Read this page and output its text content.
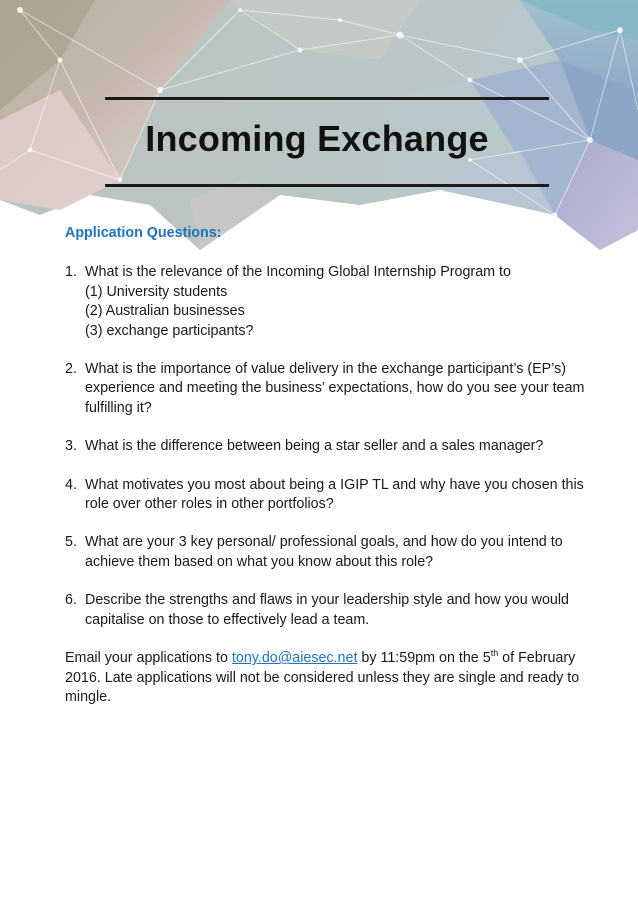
Incoming Exchange

Application Questions:

1. What is the relevance of the Incoming Global Internship Program to
(1) University students
(2) Australian businesses
(3) exchange participants?
2. What is the importance of value delivery in the exchange participant’s (EP’s) experience and meeting the business’ expectations, how do you see your team fulfilling it?
3. What is the difference between being a star seller and a sales manager?
4. What motivates you most about being a IGIP TL and why have you chosen this role over other roles in other portfolios?
5. What are your 3 key personal/ professional goals, and how do you intend to achieve them based on what you know about this role?
6. Describe the strengths and flaws in your leadership style and how you would capitalise on those to effectively lead a team.

Email your applications to tony.do@aiesec.net by 11:59pm on the 5th of February 2016. Late applications will not be considered unless they are single and ready to mingle.
